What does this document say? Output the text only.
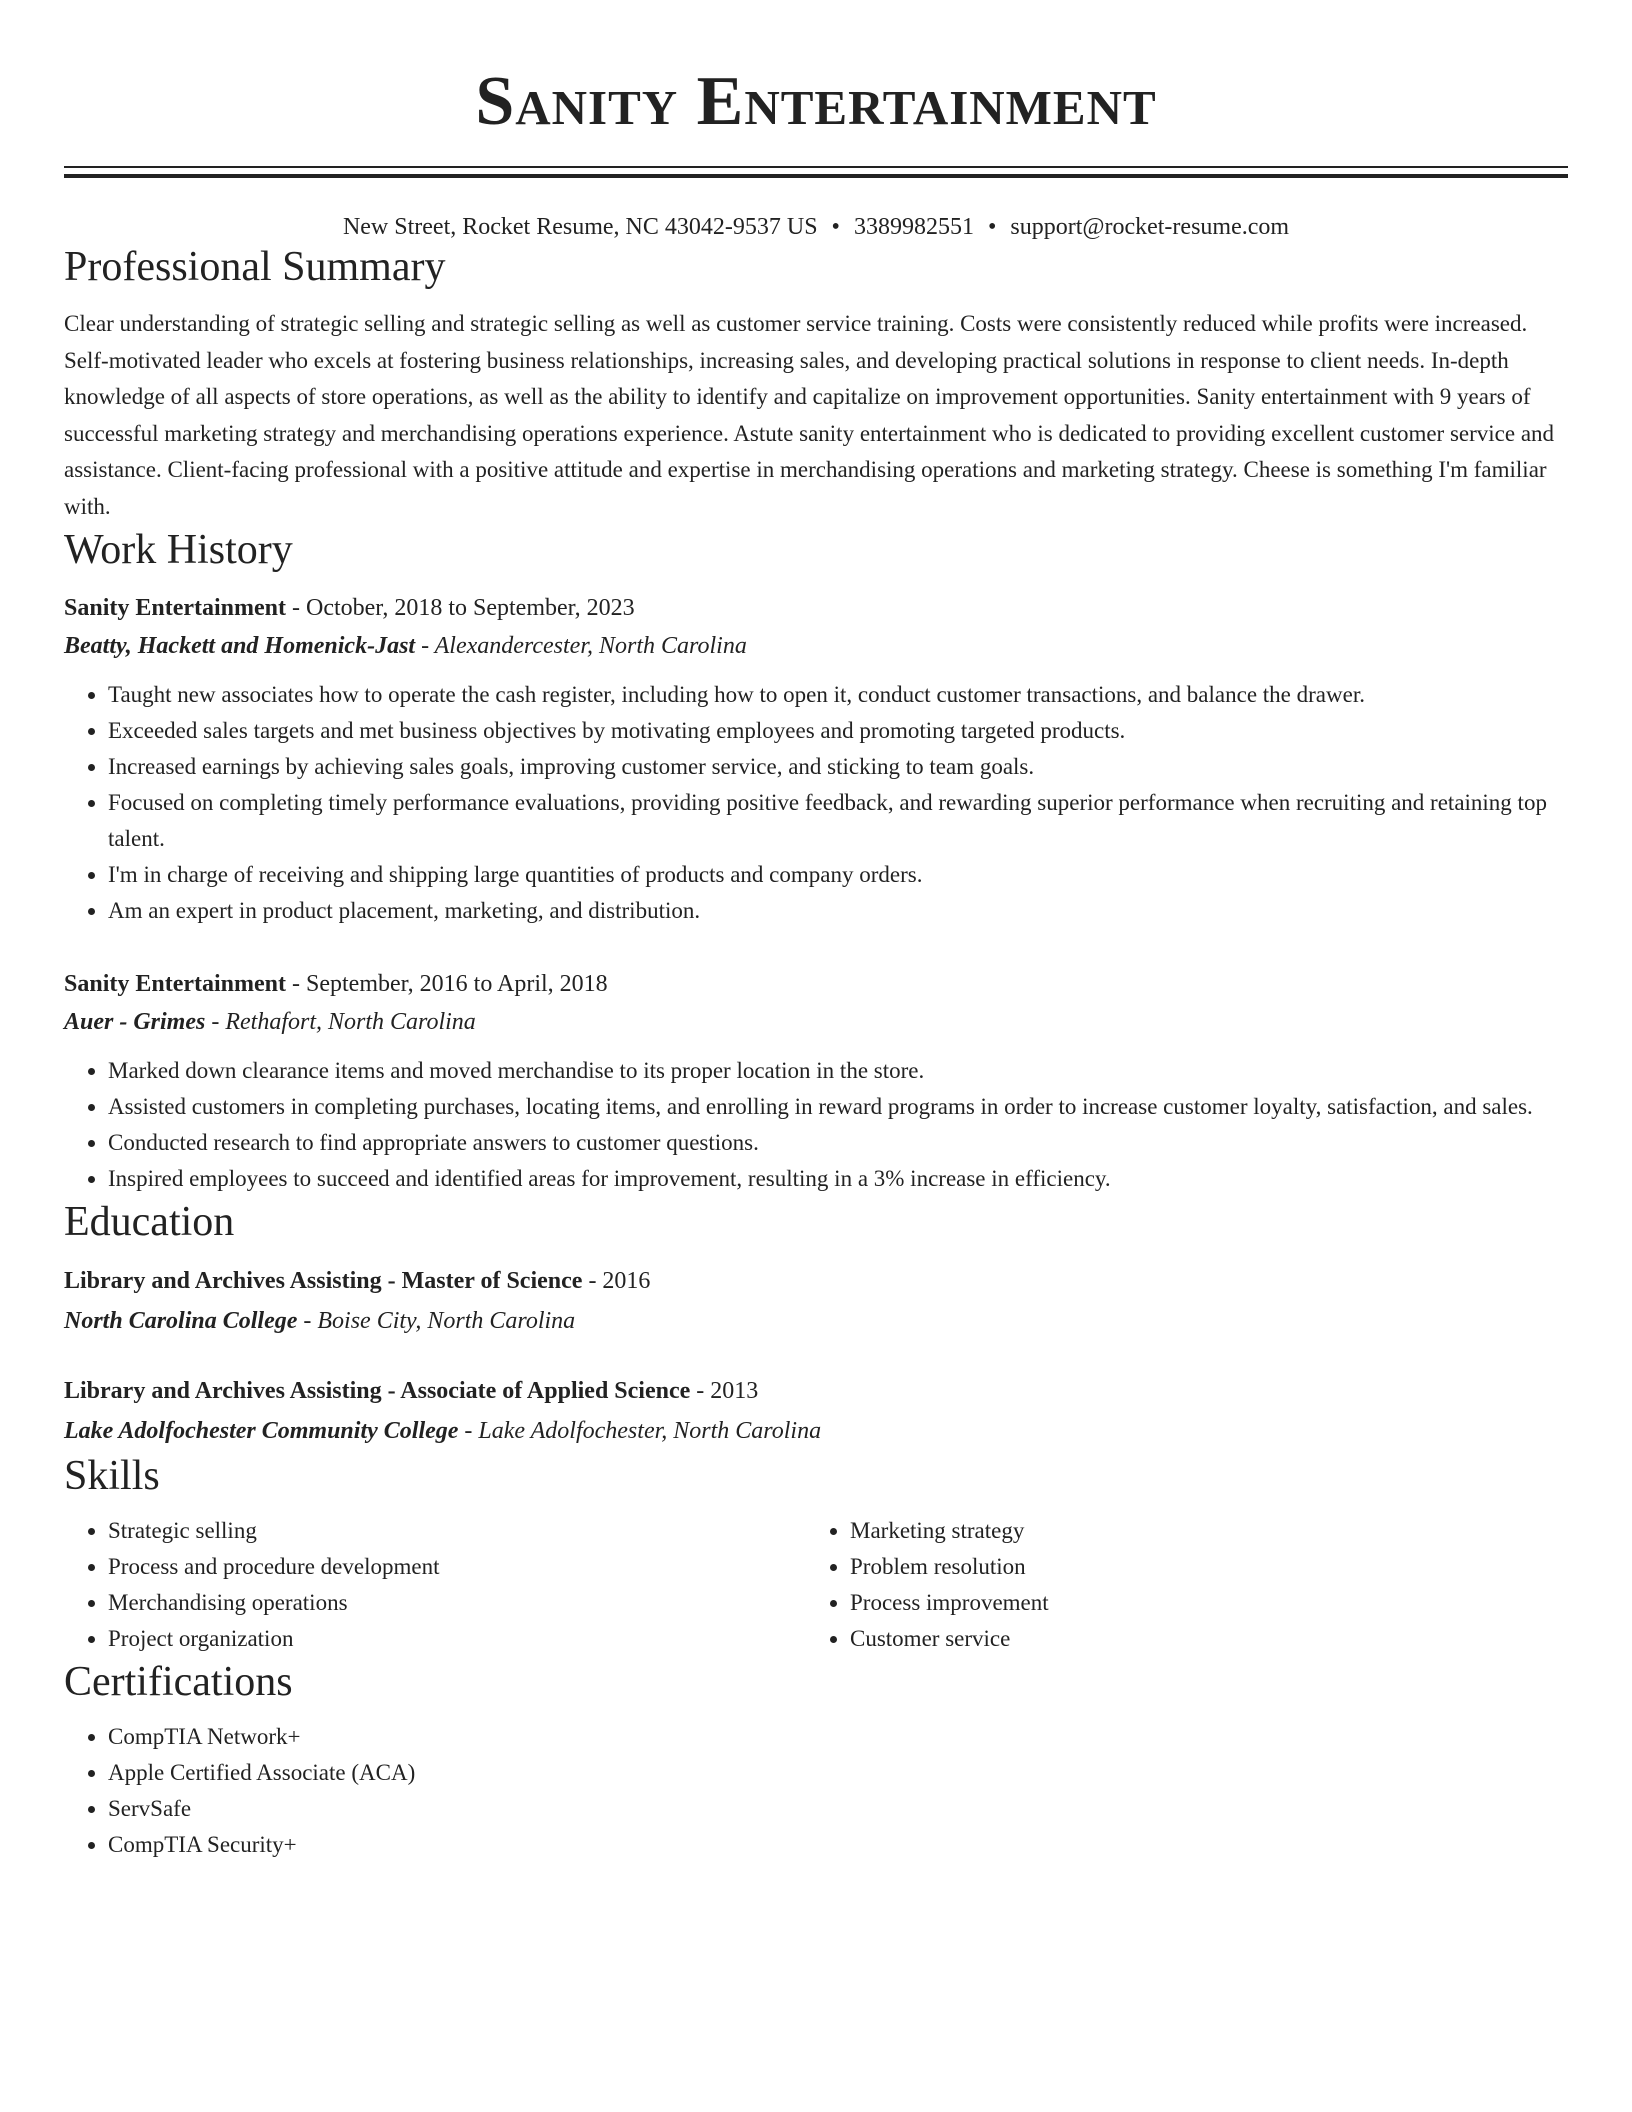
Sanity Entertainment
New Street, Rocket Resume, NC 43042-9537 US • 3389982551 • support@rocket-resume.com
Professional Summary

Clear understanding of strategic selling and strategic selling as well as customer service training. Costs were consistently reduced while profits were increased. Self-motivated leader who excels at fostering business relationships, increasing sales, and developing practical solutions in response to client needs. In-depth knowledge of all aspects of store operations, as well as the ability to identify and capitalize on improvement opportunities. Sanity entertainment with 9 years of successful marketing strategy and merchandising operations experience. Astute sanity entertainment who is dedicated to providing excellent customer service and assistance. Client-facing professional with a positive attitude and expertise in merchandising operations and marketing strategy. Cheese is something I'm familiar with.

Work History
Sanity Entertainment - October, 2018 to September, 2023
Beatty, Hackett and Homenick-Jast - Alexandercester, North Carolina
• Taught new associates how to operate the cash register, including how to open it, conduct customer transactions, and balance the drawer.
• Exceeded sales targets and met business objectives by motivating employees and promoting targeted products.
• Increased earnings by achieving sales goals, improving customer service, and sticking to team goals.
• Focused on completing timely performance evaluations, providing positive feedback, and rewarding superior performance when recruiting and retaining top talent.
• I'm in charge of receiving and shipping large quantities of products and company orders.
• Am an expert in product placement, marketing, and distribution.
Sanity Entertainment - September, 2016 to April, 2018
Auer - Grimes - Rethafort, North Carolina
• Marked down clearance items and moved merchandise to its proper location in the store.
• Assisted customers in completing purchases, locating items, and enrolling in reward programs in order to increase customer loyalty, satisfaction, and sales.
• Conducted research to find appropriate answers to customer questions.
• Inspired employees to succeed and identified areas for improvement, resulting in a 3% increase in efficiency.
Education
Library and Archives Assisting - Master of Science - 2016
North Carolina College - Boise City, North Carolina
Library and Archives Assisting - Associate of Applied Science - 2013
Lake Adolfochester Community College - Lake Adolfochester, North Carolina
Skills
• Strategic selling
• Process and procedure development
• Merchandising operations
• Project organization
• Marketing strategy
• Problem resolution
• Process improvement
• Customer service
Certifications
• CompTIA Network+
• Apple Certified Associate (ACA)
• ServSafe
• CompTIA Security+
